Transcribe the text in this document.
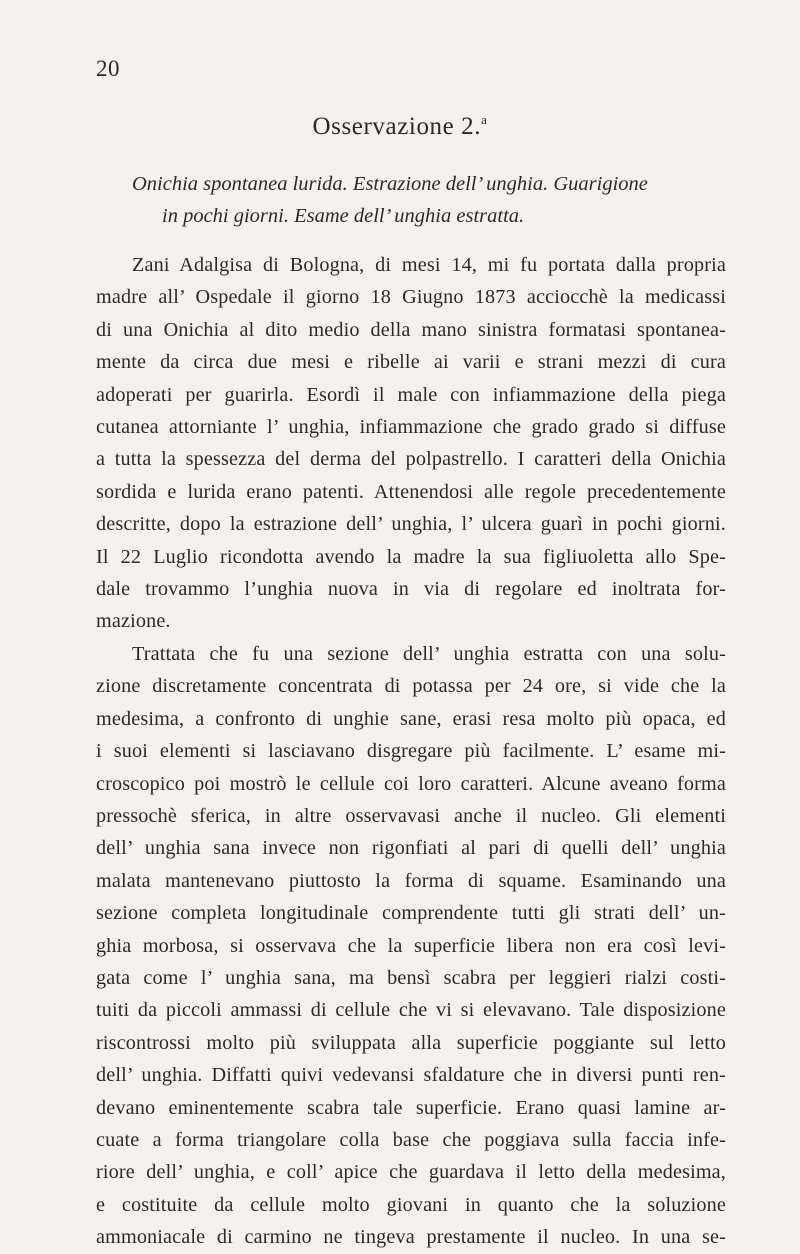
20
Osservazione 2.$^a$
Onichia spontanea lurida. Estrazione dell’ unghia. Guarigione
in pochi giorni. Esame dell’ unghia estratta.
Zani Adalgisa di Bologna, di mesi 14, mi fu portata dalla propria
madre all’ Ospedale il giorno 18 Giugno 1873 acciocchè la medicassi
di una Onichia al dito medio della mano sinistra formatasi spontanea-
mente da circa due mesi e ribelle ai varii e strani mezzi di cura
adoperati per guarirla. Esordì il male con infiammazione della piega
cutanea attorniante l’ unghia, infiammazione che grado grado si diffuse
a tutta la spessezza del derma del polpastrello. I caratteri della Onichia
sordida e lurida erano patenti. Attenendosi alle regole precedentemente
descritte, dopo la estrazione dell’ unghia, l’ ulcera guarì in pochi giorni.
Il 22 Luglio ricondotta avendo la madre la sua figliuoletta allo Spe-
dale trovammo l’unghia nuova in via di regolare ed inoltrata for-
mazione.
Trattata che fu una sezione dell’ unghia estratta con una solu-
zione discretamente concentrata di potassa per 24 ore, si vide che la
medesima, a confronto di unghie sane, erasi resa molto più opaca, ed
i suoi elementi si lasciavano disgregare più facilmente. L’ esame mi-
croscopico poi mostrò le cellule coi loro caratteri. Alcune aveano forma
pressochè sferica, in altre osservavasi anche il nucleo. Gli elementi
dell’ unghia sana invece non rigonfiati al pari di quelli dell’ unghia
malata mantenevano piuttosto la forma di squame. Esaminando una
sezione completa longitudinale comprendente tutti gli strati dell’ un-
ghia morbosa, si osservava che la superficie libera non era così levi-
gata come l’ unghia sana, ma bensì scabra per leggieri rialzi costi-
tuiti da piccoli ammassi di cellule che vi si elevavano. Tale disposizione
riscontrossi molto più sviluppata alla superficie poggiante sul letto
dell’ unghia. Diffatti quivi vedevansi sfaldature che in diversi punti ren-
devano eminentemente scabra tale superficie. Erano quasi lamine ar-
cuate a forma triangolare colla base che poggiava sulla faccia infe-
riore dell’ unghia, e coll’ apice che guardava il letto della medesima,
e costituite da cellule molto giovani in quanto che la soluzione
ammoniacale di carmino ne tingeva prestamente il nucleo. In una se-
